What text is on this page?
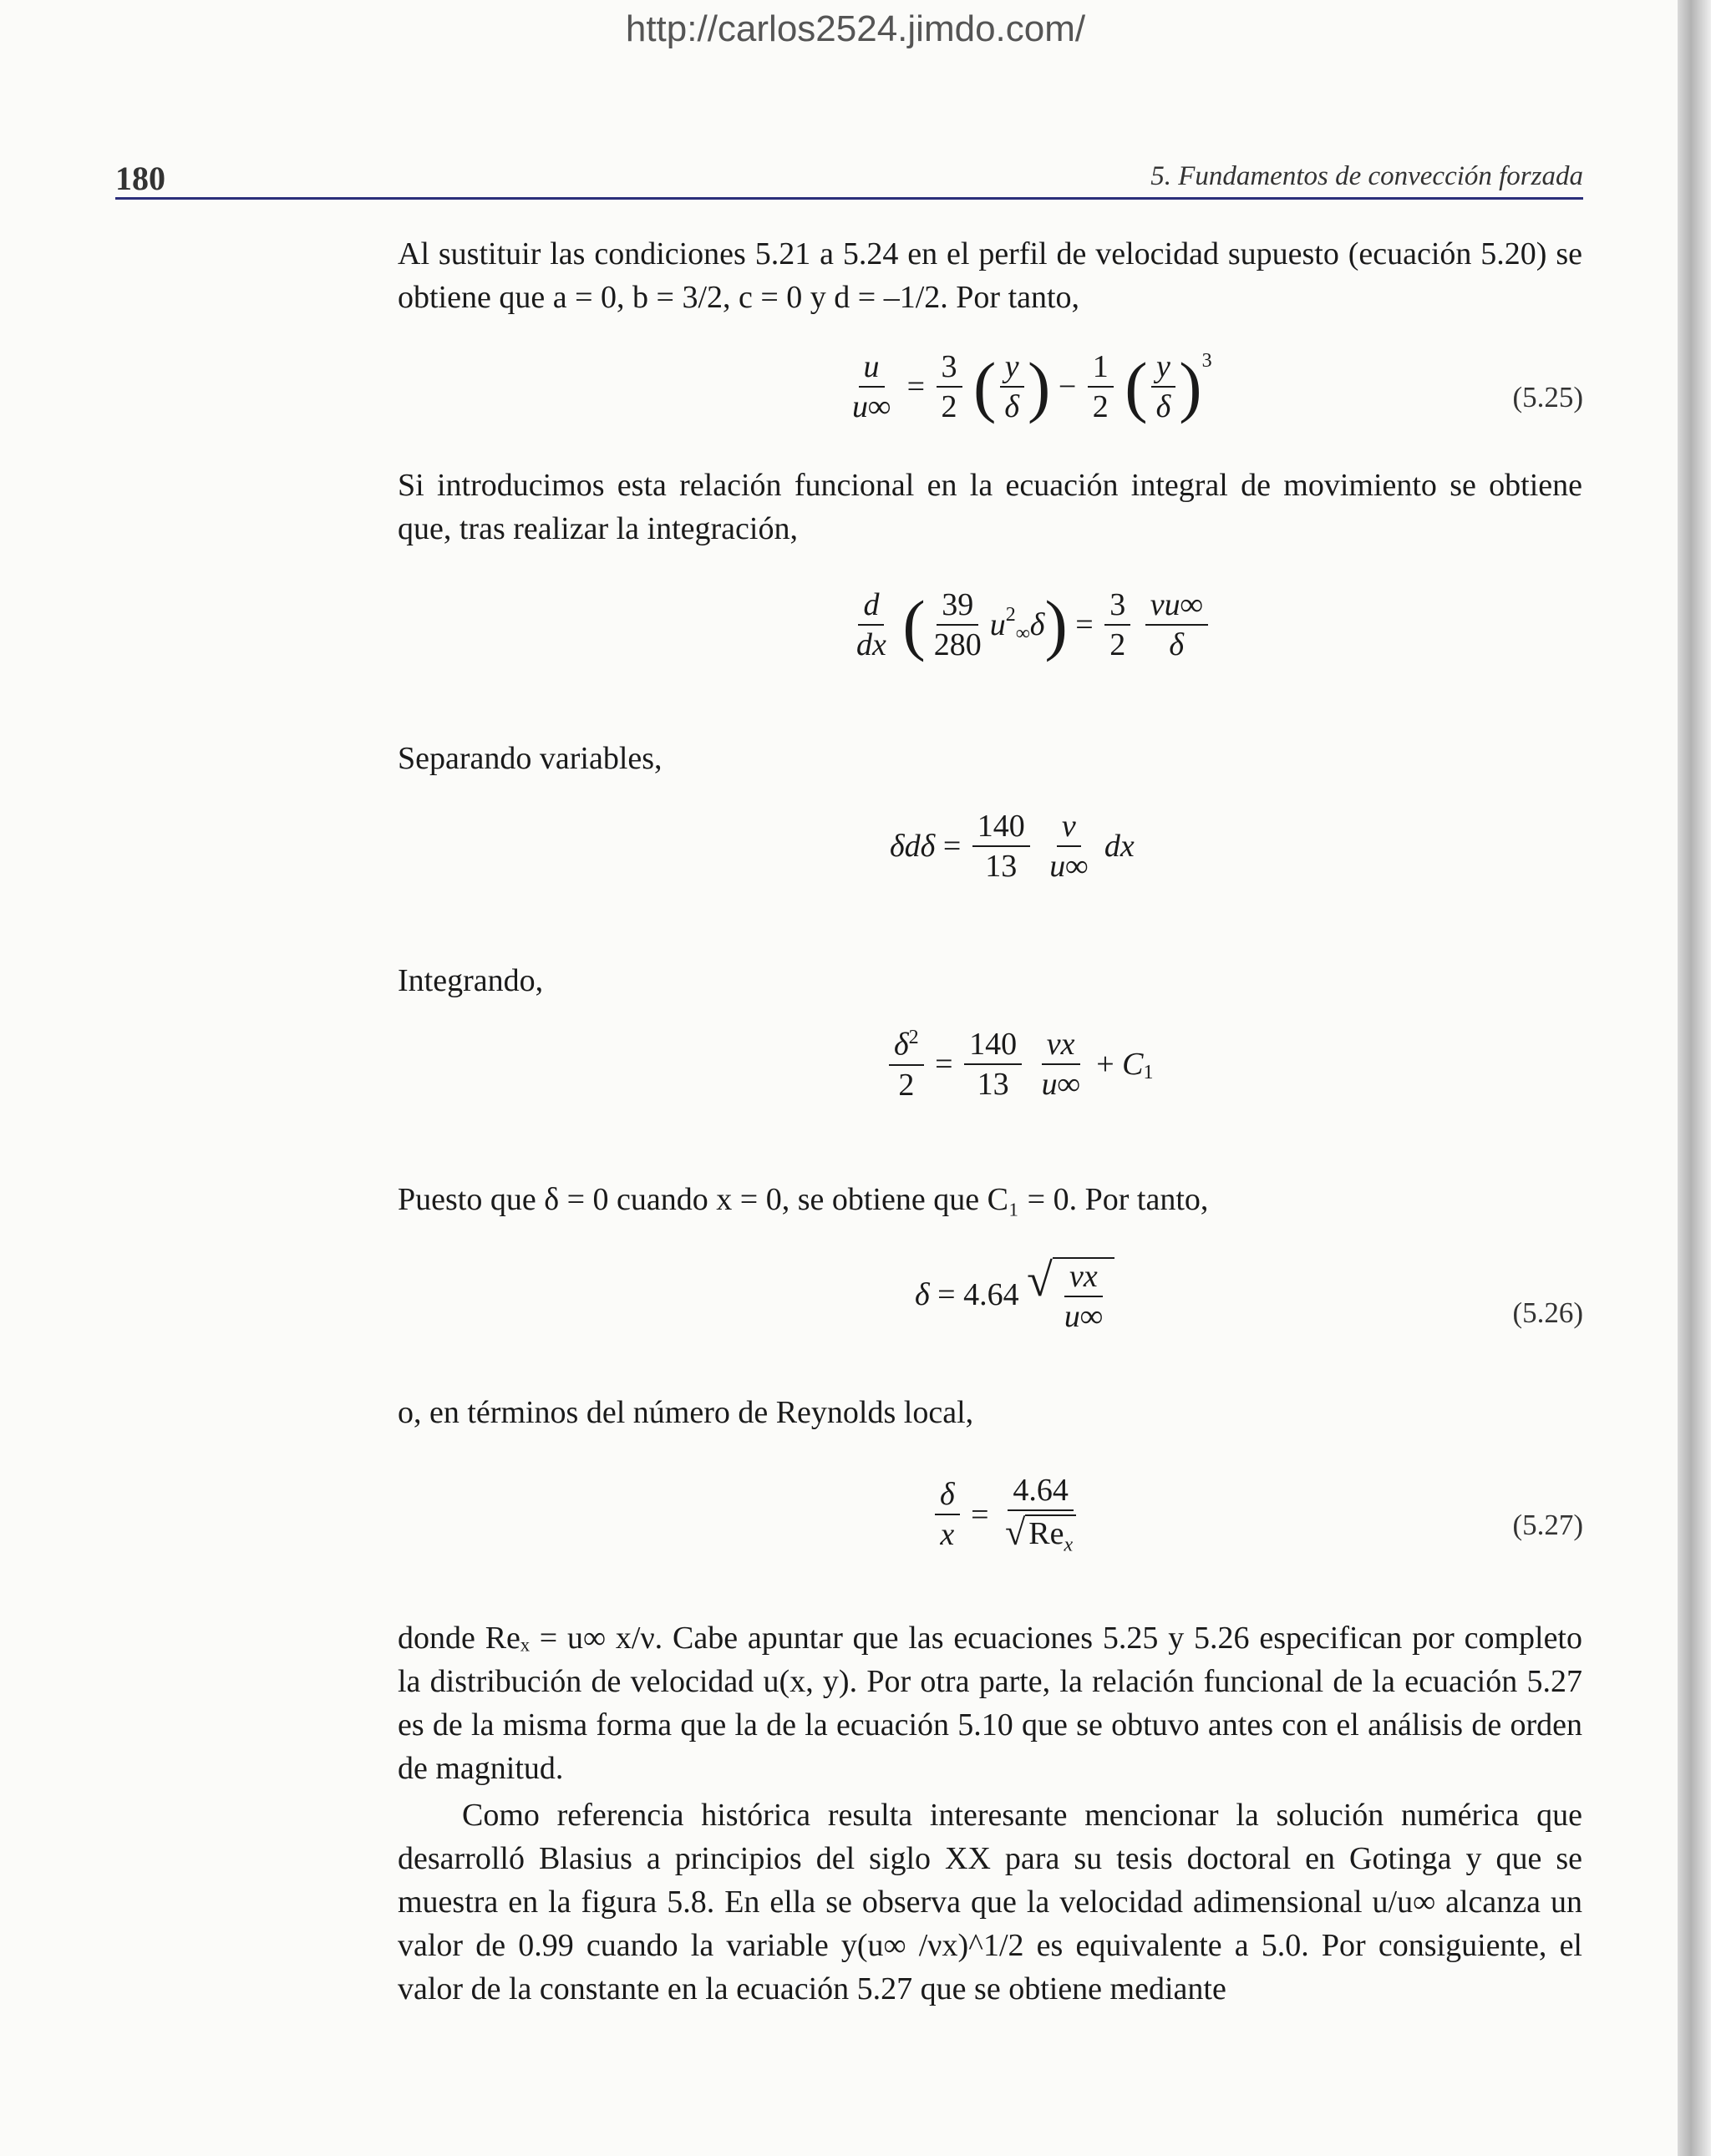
http://carlos2524.jimdo.com/
180	5. Fundamentos de convección forzada
Al sustituir las condiciones 5.21 a 5.24 en el perfil de velocidad supuesto (ecuación 5.20) se obtiene que a = 0, b = 3/2, c = 0 y d = –1/2. Por tanto,
$\frac{u}{u\infty} = \frac{3}{2}$ ( $\frac{y}{\delta}$ ) − $\frac{1}{2}$ ( $\frac{y}{\delta} )^3$
(5.25)
Si introducimos esta relación funcional en la ecuación integral de movimiento se obtiene que, tras realizar la integración,
$\frac{d}{dx}$ ( $\frac{39}{280} u^2_\infty\delta) = \frac{3}{2}$
$\frac{\nu u\infty}{\delta}$
Separando variables,
$\delta d\delta = \frac{140}{13}$
$\frac{\nu}{u\infty}$ dx
Integrando,
$\frac{\delta^2}{2} = \frac{140}{13}$
$\frac{\nu x}{u\infty} + C_1$
Puesto que δ = 0 cuando x = 0, se obtiene que C₁ = 0. Por tanto,
δ = 4.64 √ $\frac{\nu x}{u\infty}$	(5.26)
o, en términos del número de Reynolds local,
$\frac{\delta}{x} = \frac{4.64}{√ Re_x}$	(5.27)
donde Reₓ = u∞ x/ν. Cabe apuntar que las ecuaciones 5.25 y 5.26 especifican por completo la distribución de velocidad u(x, y). Por otra parte, la relación funcional de la ecuación 5.27 es de la misma forma que la de la ecuación 5.10 que se obtuvo antes con el análisis de orden de magnitud.
Como referencia histórica resulta interesante mencionar la solución numérica que desarrolló Blasius a principios del siglo XX para su tesis doctoral en Gotinga y que se muestra en la figura 5.8. En ella se observa que la velocidad adimensional u/u∞ alcanza un valor de 0.99 cuando la variable y(u∞ /νx)^1/2 es equivalente a 5.0. Por consiguiente, el valor de la constante en la ecuación 5.27 que se obtiene mediante
